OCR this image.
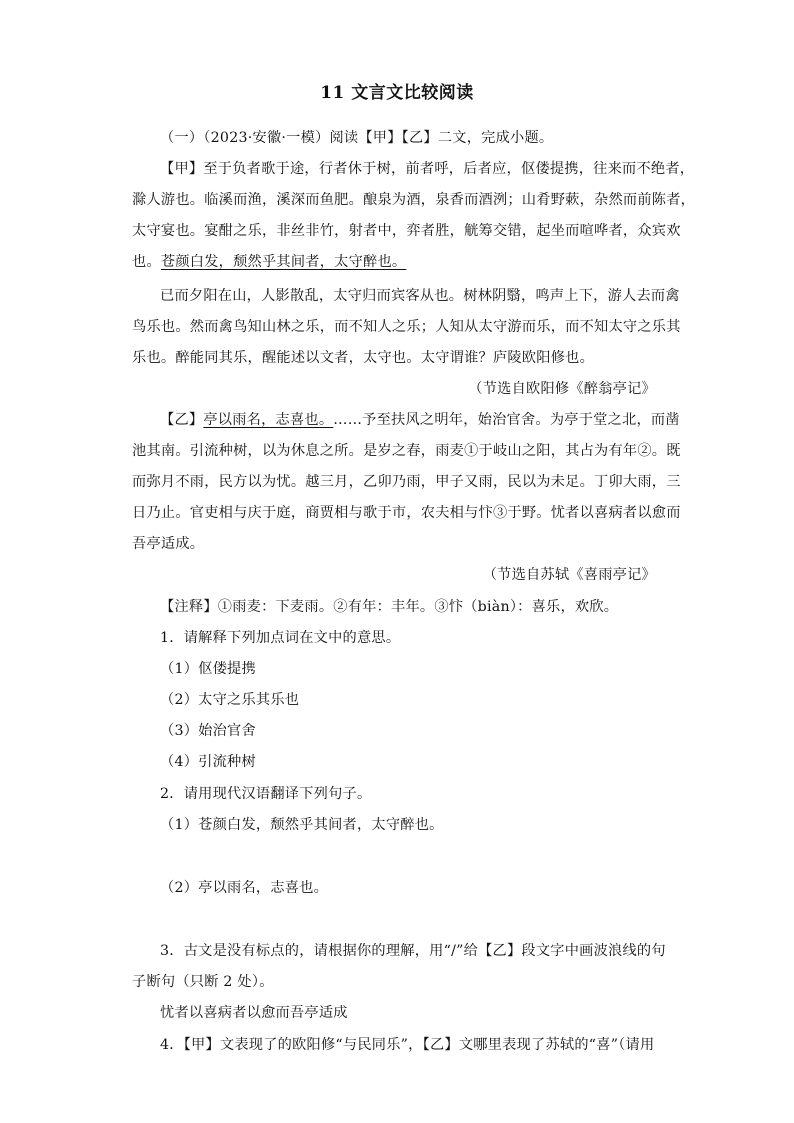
11 文言文比较阅读
（一）（2023·安徽·一模）阅读【甲】【乙】二文，完成小题。
【甲】至于负者歌于途，行者休于树，前者呼，后者应，伛偻提携，往来而不绝者，
滁人游也。临溪而渔，溪深而鱼肥。酿泉为酒，泉香而酒洌；山肴野蔌，杂然而前陈者，
太守宴也。宴酣之乐，非丝非竹，射者中，弈者胜，觥筹交错，起坐而喧哗者，众宾欢
也。苍颜白发，颓然乎其间者，太守醉也。
已而夕阳在山，人影散乱，太守归而宾客从也。树林阴翳，鸣声上下，游人去而禽
鸟乐也。然而禽鸟知山林之乐，而不知人之乐；人知从太守游而乐，而不知太守之乐其
乐也。醉能同其乐，醒能述以文者，太守也。太守谓谁？庐陵欧阳修也。
（节选自欧阳修《醉翁亭记》
【乙】亭以雨名，志喜也。……予至扶风之明年，始治官舍。为亭于堂之北，而凿
池其南。引流种树，以为休息之所。是岁之春，雨麦①于岐山之阳，其占为有年②。既
而弥月不雨，民方以为忧。越三月，乙卯乃雨，甲子又雨，民以为未足。丁卯大雨，三
日乃止。官吏相与庆于庭，商贾相与歌于市，农夫相与忭③于野。忧者以喜病者以愈而
吾亭适成。
（节选自苏轼《喜雨亭记》
【注释】①雨麦：下麦雨。②有年：丰年。③忭（biàn）：喜乐，欢欣。
1．请解释下列加点词在文中的意思。
（1）伛偻提携
（2）太守之乐其乐也
（3）始治官舍
（4）引流种树
2．请用现代汉语翻译下列句子。
（1）苍颜白发，颓然乎其间者，太守醉也。
（2）亭以雨名，志喜也。
3．古文是没有标点的，请根据你的理解，用“/”给【乙】段文字中画波浪线的句
子断句（只断 2 处）。
忧者以喜病者以愈而吾亭适成
4．【甲】文表现了的欧阳修“与民同乐”，【乙】文哪里表现了苏轼的“喜”（请用
